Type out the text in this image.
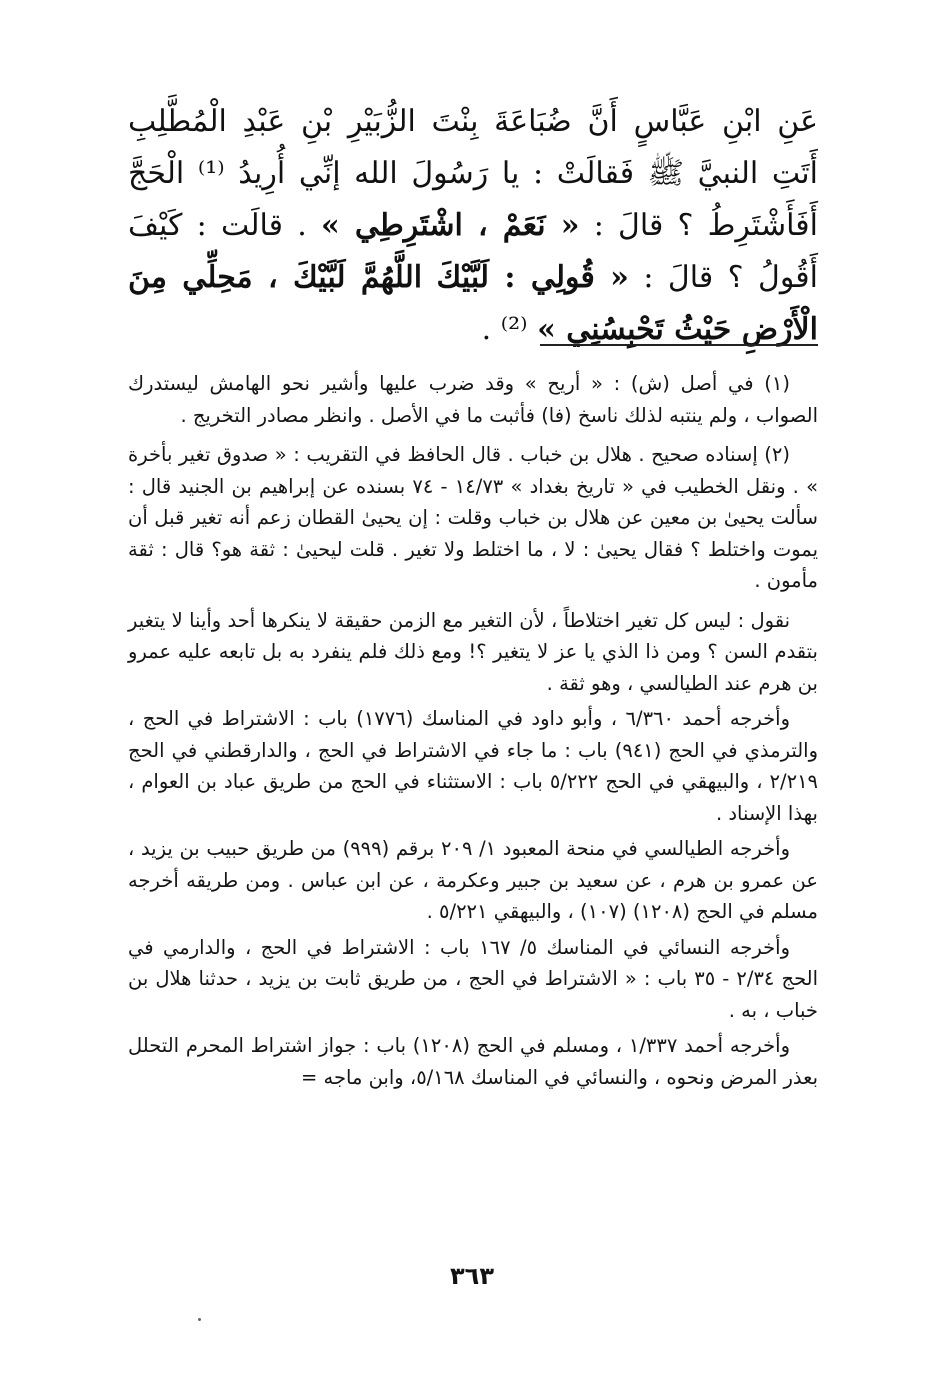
عَنِ ابْنِ عَبَّاسٍ أَنَّ ضُبَاعَةَ بِنْتَ الزُّبَيْرِ بْنِ عَبْدِ الْمُطَّلِبِ أَتَتِ النبيَّ ﷺ فَقالَتْ : يا رَسُولَ الله إنِّي أُرِيدُ ⁽¹⁾ الْحَجَّ أَفَأَشْتَرِطُ ؟ قالَ : « نَعَمْ ، اشْتَرِطِي » . قالَت : كَيْفَ أَقُولُ ؟ قالَ : « قُولِي : لَبَّيْكَ اللَّهُمَّ لَبَّيْكَ ، مَحِلِّي مِنَ الْأَرْضِ حَيْثُ تَحْبِسُنِي » ⁽²⁾ .

(١) في أصل (ش) : « أريح » وقد ضرب عليها وأشير نحو الهامش ليستدرك الصواب ، ولم ينتبه لذلك ناسخ (فا) فأثبت ما في الأصل . وانظر مصادر التخريج .

(٢) إسناده صحيح . هلال بن خباب . قال الحافظ في التقريب : « صدوق تغير بأخرة » . ونقل الخطيب في « تاريخ بغداد » ١٤/٧٣ - ٧٤ بسنده عن إبراهيم بن الجنيد قال : سألت يحيىٰ بن معين عن هلال بن خباب وقلت : إن يحيىٰ القطان زعم أنه تغير قبل أن يموت واختلط ؟ فقال يحيىٰ : لا ، ما اختلط ولا تغير . قلت ليحيىٰ : ثقة هو؟ قال : ثقة مأمون .

نقول : ليس كل تغير اختلاطاً ، لأن التغير مع الزمن حقيقة لا ينكرها أحد وأينا لا يتغير بتقدم السن ؟ ومن ذا الذي يا عز لا يتغير ؟! ومع ذلك فلم ينفرد به بل تابعه عليه عمرو بن هرم عند الطيالسي ، وهو ثقة .

وأخرجه أحمد ٦/٣٦٠ ، وأبو داود في المناسك (١٧٧٦) باب : الاشتراط في الحج ، والترمذي في الحج (٩٤١) باب : ما جاء في الاشتراط في الحج ، والدارقطني في الحج ٢/٢١٩ ، والبيهقي في الحج ٥/٢٢٢ باب : الاستثناء في الحج من طريق عباد بن العوام ، بهذا الإسناد .

وأخرجه الطيالسي في منحة المعبود ١/ ٢٠٩ برقم (٩٩٩) من طريق حبيب بن يزيد ، عن عمرو بن هرم ، عن سعيد بن جبير وعكرمة ، عن ابن عباس . ومن طريقه أخرجه مسلم في الحج (١٢٠٨) (١٠٧) ، والبيهقي ٥/٢٢١ .

وأخرجه النسائي في المناسك ٥/ ١٦٧ باب : الاشتراط في الحج ، والدارمي في الحج ٢/٣٤ - ٣٥ باب : « الاشتراط في الحج ، من طريق ثابت بن يزيد ، حدثنا هلال بن خباب ، به .

وأخرجه أحمد ١/٣٣٧ ، ومسلم في الحج (١٢٠٨) باب : جواز اشتراط المحرم التحلل بعذر المرض ونحوه ، والنسائي في المناسك ٥/١٦٨، وابن ماجه =

٣٦٣
